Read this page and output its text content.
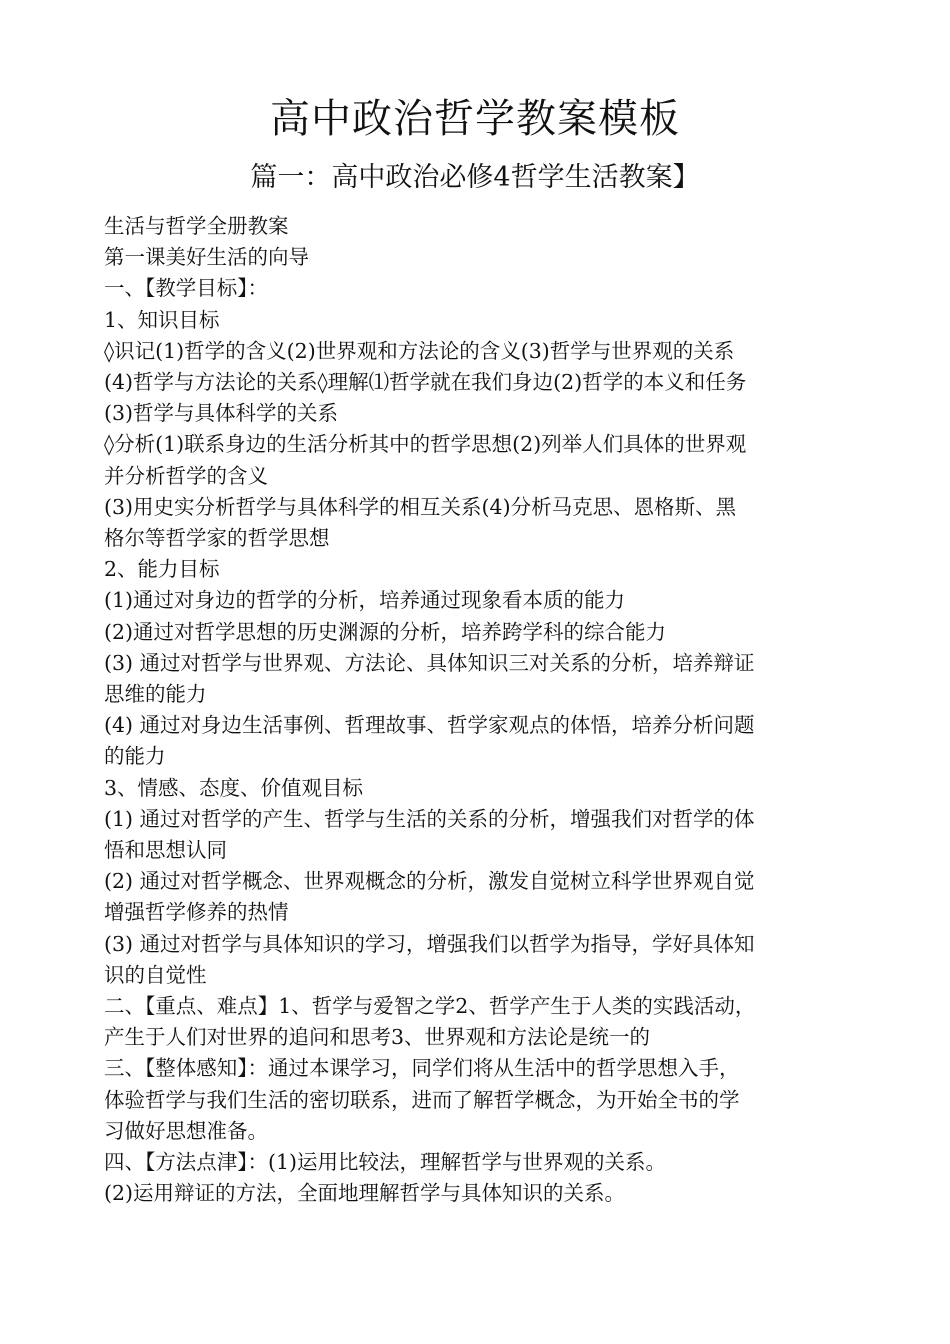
高中政治哲学教案模板
篇一：高中政治必修4哲学生活教案】
生活与哲学全册教案
第一课美好生活的向导
一、【教学目标】：
1、知识目标
◊识记(1)哲学的含义(2)世界观和方法论的含义(3)哲学与世界观的关系
(4)哲学与方法论的关系◊理解⑴哲学就在我们身边(2)哲学的本义和任务
(3)哲学与具体科学的关系
◊分析(1)联系身边的生活分析其中的哲学思想(2)列举人们具体的世界观
并分析哲学的含义
(3)用史实分析哲学与具体科学的相互关系(4)分析马克思、恩格斯、黑
格尔等哲学家的哲学思想
2、能力目标
(1)通过对身边的哲学的分析，培养通过现象看本质的能力
(2)通过对哲学思想的历史渊源的分析，培养跨学科的综合能力
(3) 通过对哲学与世界观、方法论、具体知识三对关系的分析，培养辩证
思维的能力
(4) 通过对身边生活事例、哲理故事、哲学家观点的体悟，培养分析问题
的能力
3、情感、态度、价值观目标
(1) 通过对哲学的产生、哲学与生活的关系的分析，增强我们对哲学的体
悟和思想认同
(2) 通过对哲学概念、世界观概念的分析，激发自觉树立科学世界观自觉
增强哲学修养的热情
(3) 通过对哲学与具体知识的学习，增强我们以哲学为指导，学好具体知
识的自觉性
二、【重点、难点】1、哲学与爱智之学2、哲学产生于人类的实践活动，
产生于人们对世界的追问和思考3、世界观和方法论是统一的
三、【整体感知】：通过本课学习，同学们将从生活中的哲学思想入手，
体验哲学与我们生活的密切联系，进而了解哲学概念，为开始全书的学
习做好思想准备。
四、【方法点津】：(1)运用比较法，理解哲学与世界观的关系。
(2)运用辩证的方法，全面地理解哲学与具体知识的关系。
